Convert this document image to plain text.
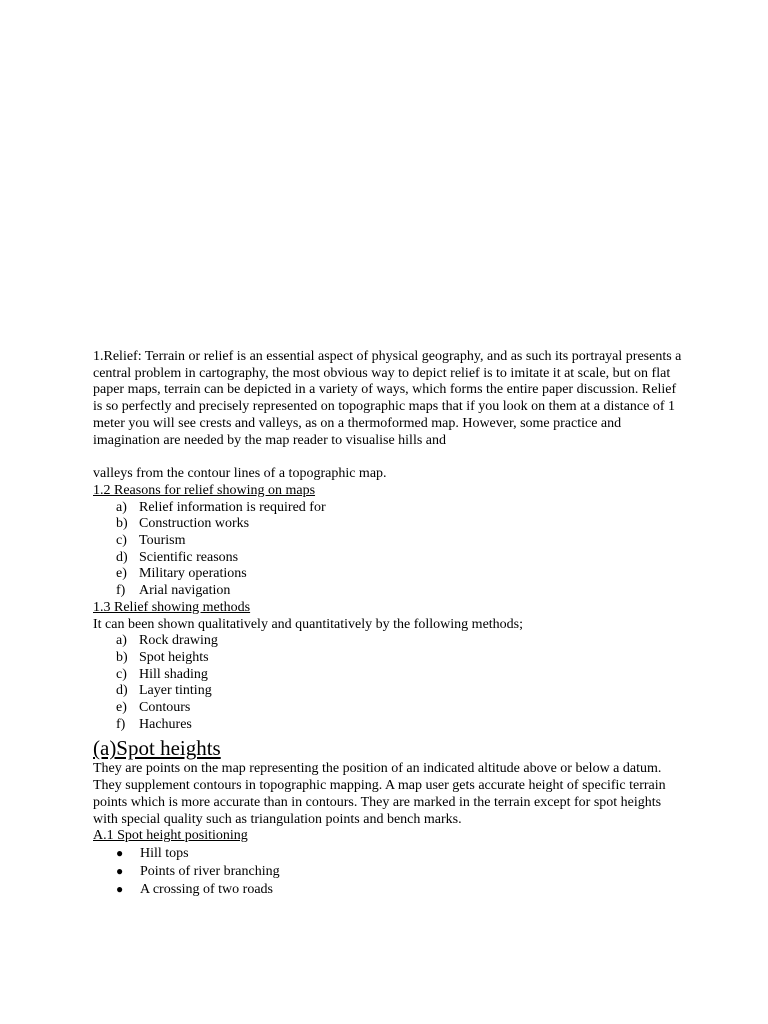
1.Relief: Terrain or relief is an essential aspect of physical geography, and as such its portrayal presents a central problem in cartography, the most obvious way to depict relief is to imitate it at scale, but on flat paper maps, terrain can be depicted in a variety of ways, which forms the entire paper discussion. Relief is so perfectly and precisely represented on topographic maps that if you look on them at a distance of 1 meter you will see crests and valleys, as on a thermoformed map. However, some practice and imagination are needed by the map reader to visualise hills and

valleys from the contour lines of a topographic map.

1.2 Reasons for relief showing on maps

a) Relief information is required for
b) Construction works
c) Tourism
d) Scientific reasons
e) Military operations
f) Arial navigation

1.3 Relief showing methods

It can been shown qualitatively and quantitatively by the following methods;

a) Rock drawing
b) Spot heights
c) Hill shading
d) Layer tinting
e) Contours
f) Hachures
(a)Spot heights

They are points on the map representing the position of an indicated altitude above or below a datum. They supplement contours in topographic mapping. A map user gets accurate height of specific terrain points which is more accurate than in contours. They are marked in the terrain except for spot heights with special quality such as triangulation points and bench marks.

A.1 Spot height positioning

● Hill tops
● Points of river branching
● A crossing of two roads
